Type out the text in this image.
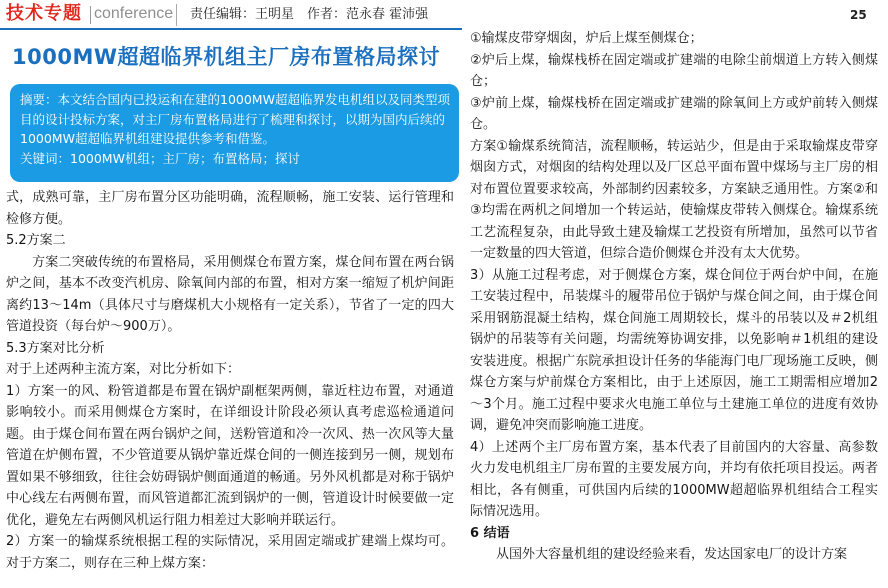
技术专题 conference 责任编辑：王明星　作者：范永春 霍沛强	25
1000MW超超临界机组主厂房布置格局探讨

摘要：本文结合国内已投运和在建的1000MW超超临界发电机组以及同类型项目的设计投标方案，对主厂房布置格局进行了梳理和探讨，以期为国内后续的1000MW超超临界机组建设提供参考和借鉴。

关键词：1000MW机组；主厂房；布置格局；探讨

式，成熟可靠，主厂房布置分区功能明确，流程顺畅，施工安装、运行管理和检修方便。

5.2方案二

方案二突破传统的布置格局，采用侧煤仓布置方案，煤仓间布置在两台锅炉之间，基本不改变汽机房、除氧间内部的布置，相对方案一缩短了机炉间距离约13～14m（具体尺寸与磨煤机大小规格有一定关系），节省了一定的四大管道投资（每台炉～900万）。

5.3方案对比分析

对于上述两种主流方案，对比分析如下：

1）方案一的风、粉管道都是布置在锅炉副框架两侧，靠近柱边布置，对通道影响较小。而采用侧煤仓方案时，在详细设计阶段必须认真考虑巡检通道问题。由于煤仓间布置在两台锅炉之间，送粉管道和冷一次风、热一次风等大量管道在炉侧布置，不少管道要从锅炉靠近煤仓间的一侧连接到另一侧，规划布置如果不够细致，往往会妨碍锅炉侧面通道的畅通。另外风机都是对称于锅炉中心线左右两侧布置，而风管道都汇流到锅炉的一侧，管道设计时候要做一定优化，避免左右两侧风机运行阻力相差过大影响并联运行。

2）方案一的输煤系统根据工程的实际情况，采用固定端或扩建端上煤均可。对于方案二，则存在三种上煤方案：

①输煤皮带穿烟囱，炉后上煤至侧煤仓；

②炉后上煤，输煤栈桥在固定端或扩建端的电除尘前烟道上方转入侧煤仓；

③炉前上煤，输煤栈桥在固定端或扩建端的除氧间上方或炉前转入侧煤仓。

方案①输煤系统简洁，流程顺畅，转运站少，但是由于采取输煤皮带穿烟囱方式，对烟囱的结构处理以及厂区总平面布置中煤场与主厂房的相对布置位置要求较高，外部制约因素较多，方案缺乏通用性。方案②和③均需在两机之间增加一个转运站，使输煤皮带转入侧煤仓。输煤系统工艺流程复杂，由此导致土建及输煤工艺投资有所增加，虽然可以节省一定数量的四大管道，但综合造价侧煤仓并没有太大优势。

3）从施工过程考虑，对于侧煤仓方案，煤仓间位于两台炉中间，在施工安装过程中，吊装煤斗的履带吊位于锅炉与煤仓间之间，由于煤仓间采用钢筋混凝土结构，煤仓间施工周期较长，煤斗的吊装以及＃2机组锅炉的吊装等有关问题，均需统筹协调安排，以免影响＃1机组的建设安装进度。根据广东院承担设计任务的华能海门电厂现场施工反映，侧煤仓方案与炉前煤仓方案相比，由于上述原因，施工工期需相应增加2～3个月。施工过程中要求火电施工单位与土建施工单位的进度有效协调，避免冲突而影响施工进度。

4）上述两个主厂房布置方案，基本代表了目前国内的大容量、高参数火力发电机组主厂房布置的主要发展方向，并均有依托项目投运。两者相比，各有侧重，可供国内后续的1000MW超超临界机组结合工程实际情况选用。

6 结语

从国外大容量机组的建设经验来看，发达国家电厂的设计方案
